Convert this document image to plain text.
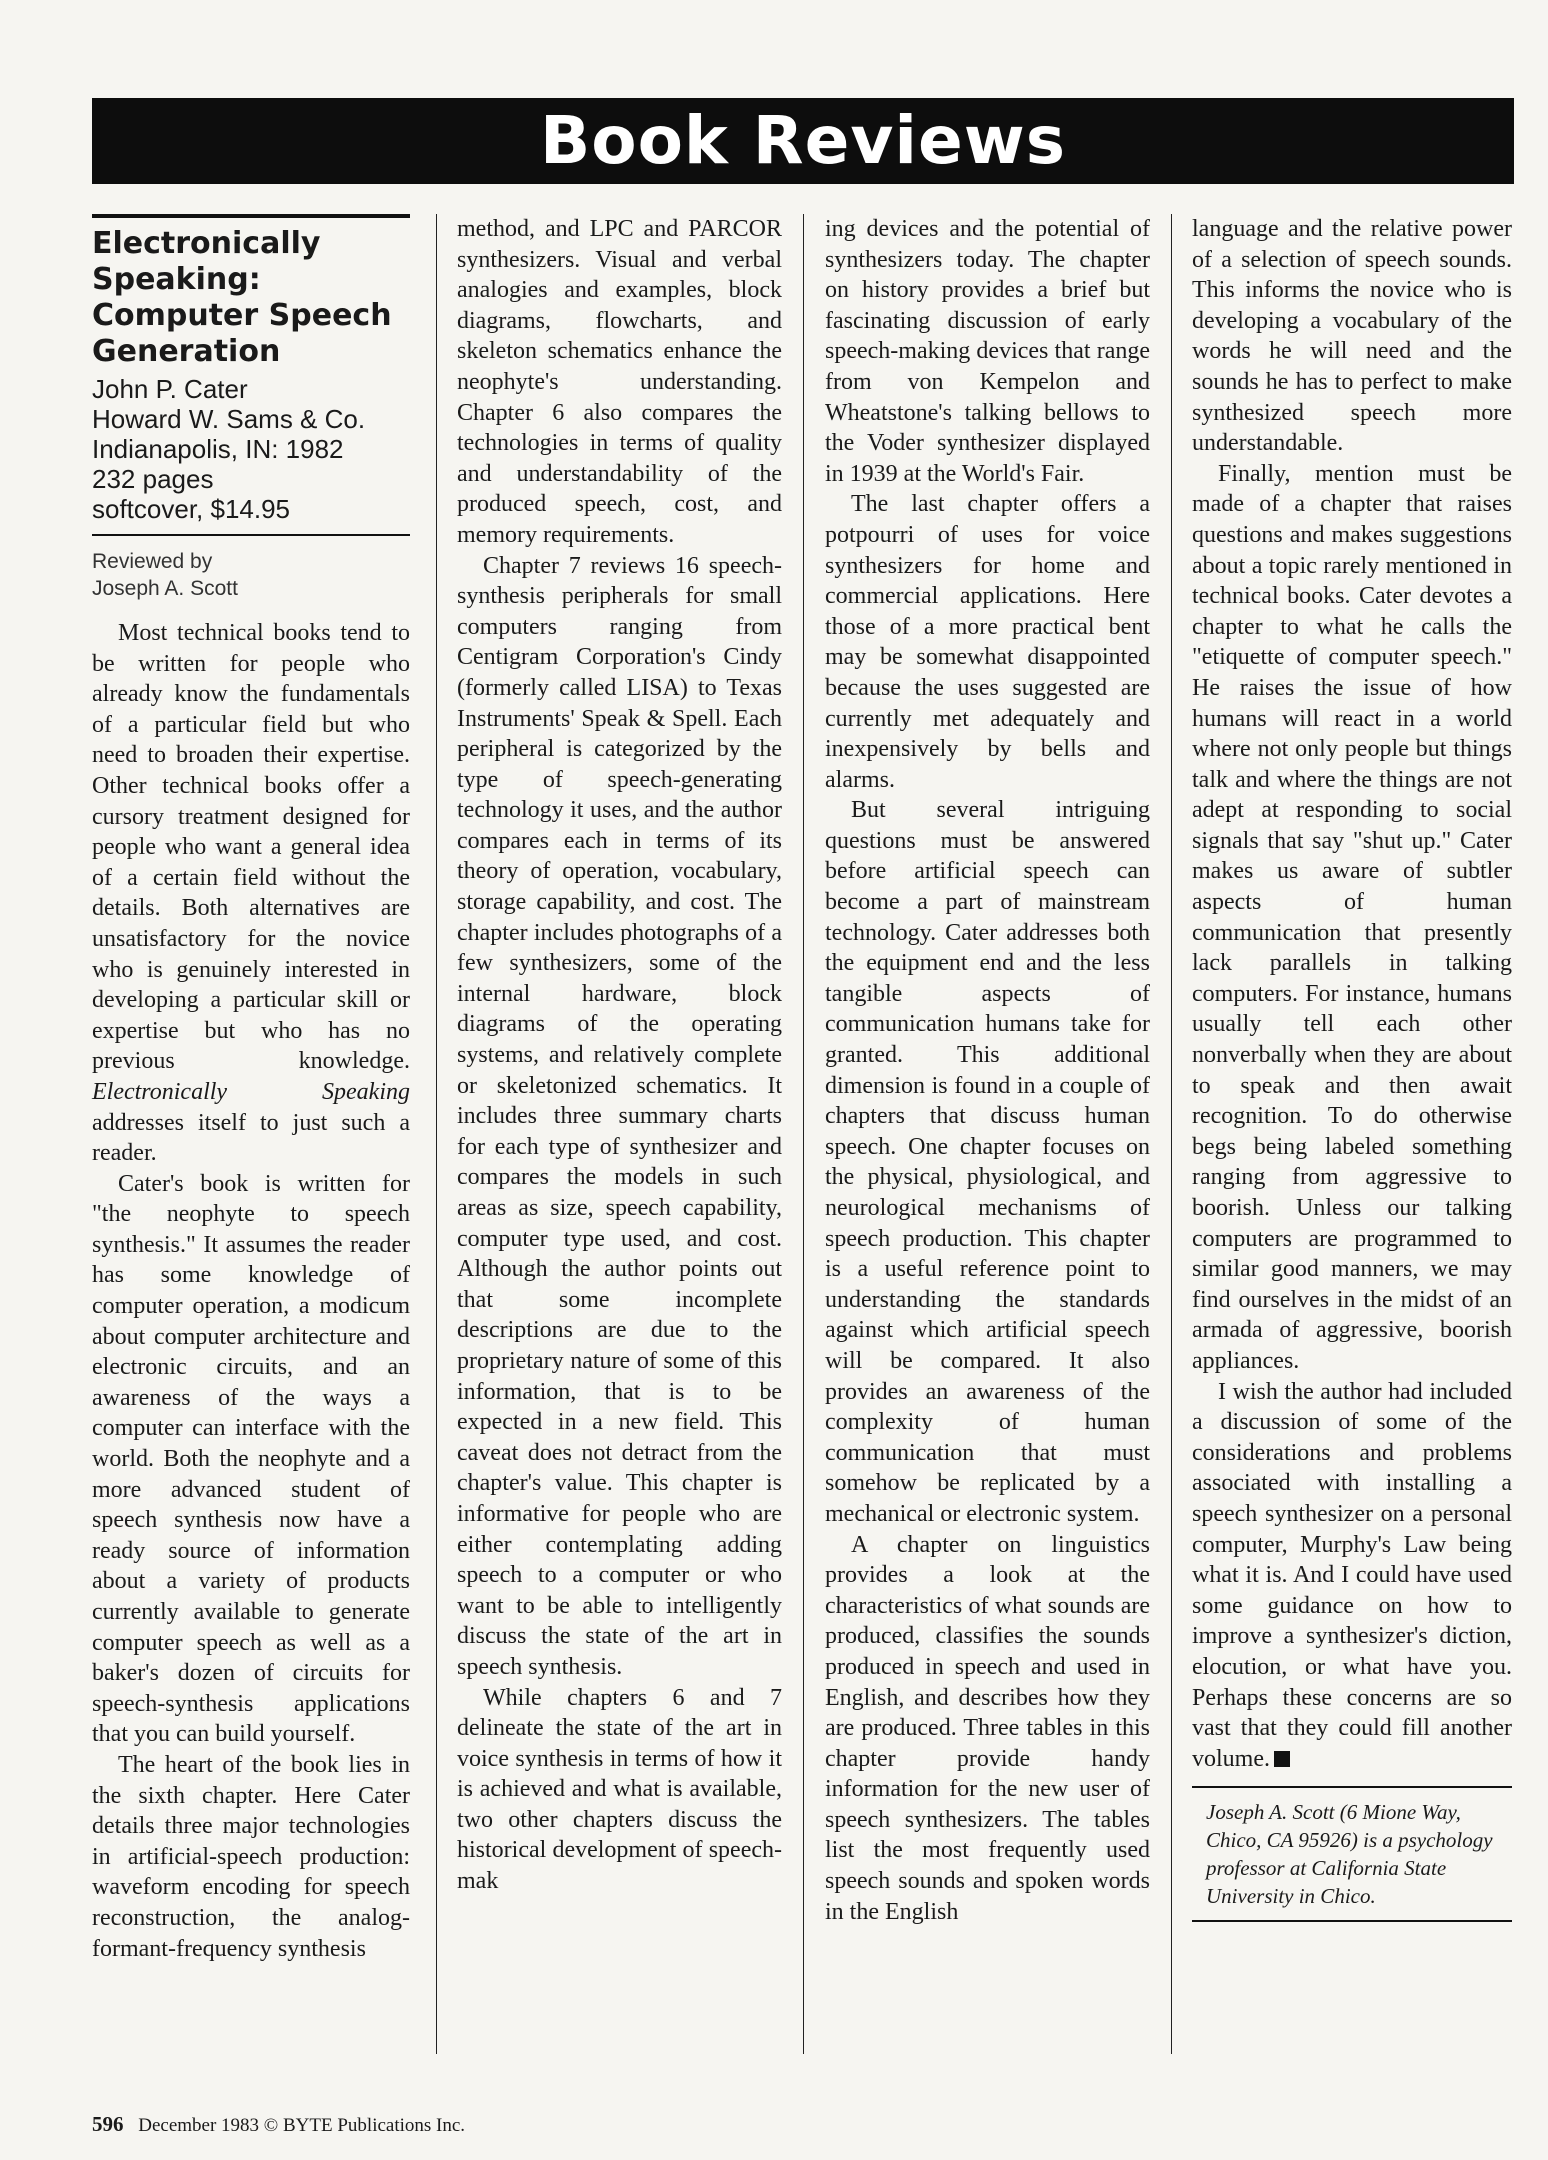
Book Reviews
Electronically Speaking: Computer Speech Generation
John P. Cater
Howard W. Sams & Co.
Indianapolis, IN: 1982
232 pages
softcover, $14.95
Reviewed by
Joseph A. Scott

Most technical books tend to be written for people who already know the fundamentals of a particular field but who need to broaden their expertise. Other technical books offer a cursory treatment designed for people who want a general idea of a certain field without the details. Both alternatives are unsatisfactory for the novice who is genuinely interested in developing a particular skill or expertise but who has no previous knowledge. Electronically Speaking addresses itself to just such a reader.

Cater's book is written for "the neophyte to speech synthesis." It assumes the reader has some knowledge of computer operation, a modicum about computer architecture and electronic circuits, and an awareness of the ways a computer can interface with the world. Both the neophyte and a more advanced student of speech synthesis now have a ready source of information about a variety of products currently available to generate computer speech as well as a baker's dozen of circuits for speech-synthesis applications that you can build yourself.

The heart of the book lies in the sixth chapter. Here Cater details three major technologies in artificial-speech production: waveform encoding for speech reconstruction, the analog-formant-frequency synthesis

method, and LPC and PARCOR synthesizers. Visual and verbal analogies and examples, block diagrams, flowcharts, and skeleton schematics enhance the neophyte's understanding. Chapter 6 also compares the technologies in terms of quality and understandability of the produced speech, cost, and memory requirements.

Chapter 7 reviews 16 speech-synthesis peripherals for small computers ranging from Centigram Corporation's Cindy (formerly called LISA) to Texas Instruments' Speak & Spell. Each peripheral is categorized by the type of speech-generating technology it uses, and the author compares each in terms of its theory of operation, vocabulary, storage capability, and cost. The chapter includes photographs of a few synthesizers, some of the internal hardware, block diagrams of the operating systems, and relatively complete or skeletonized schematics. It includes three summary charts for each type of synthesizer and compares the models in such areas as size, speech capability, computer type used, and cost. Although the author points out that some incomplete descriptions are due to the proprietary nature of some of this information, that is to be expected in a new field. This caveat does not detract from the chapter's value. This chapter is informative for people who are either contemplating adding speech to a computer or who want to be able to intelligently discuss the state of the art in speech synthesis.

While chapters 6 and 7 delineate the state of the art in voice synthesis in terms of how it is achieved and what is available, two other chapters discuss the historical development of speech-mak

ing devices and the potential of synthesizers today. The chapter on history provides a brief but fascinating discussion of early speech-making devices that range from von Kempelon and Wheatstone's talking bellows to the Voder synthesizer displayed in 1939 at the World's Fair.

The last chapter offers a potpourri of uses for voice synthesizers for home and commercial applications. Here those of a more practical bent may be somewhat disappointed because the uses suggested are currently met adequately and inexpensively by bells and alarms.

But several intriguing questions must be answered before artificial speech can become a part of mainstream technology. Cater addresses both the equipment end and the less tangible aspects of communication humans take for granted. This additional dimension is found in a couple of chapters that discuss human speech. One chapter focuses on the physical, physiological, and neurological mechanisms of speech production. This chapter is a useful reference point to understanding the standards against which artificial speech will be compared. It also provides an awareness of the complexity of human communication that must somehow be replicated by a mechanical or electronic system.

A chapter on linguistics provides a look at the characteristics of what sounds are produced, classifies the sounds produced in speech and used in English, and describes how they are produced. Three tables in this chapter provide handy information for the new user of speech synthesizers. The tables list the most frequently used speech sounds and spoken words in the English

language and the relative power of a selection of speech sounds. This informs the novice who is developing a vocabulary of the words he will need and the sounds he has to perfect to make synthesized speech more understandable.

Finally, mention must be made of a chapter that raises questions and makes suggestions about a topic rarely mentioned in technical books. Cater devotes a chapter to what he calls the "etiquette of computer speech." He raises the issue of how humans will react in a world where not only people but things talk and where the things are not adept at responding to social signals that say "shut up." Cater makes us aware of subtler aspects of human communication that presently lack parallels in talking computers. For instance, humans usually tell each other nonverbally when they are about to speak and then await recognition. To do otherwise begs being labeled something ranging from aggressive to boorish. Unless our talking computers are programmed to similar good manners, we may find ourselves in the midst of an armada of aggressive, boorish appliances.

I wish the author had included a discussion of some of the considerations and problems associated with installing a speech synthesizer on a personal computer, Murphy's Law being what it is. And I could have used some guidance on how to improve a synthesizer's diction, elocution, or what have you. Perhaps these concerns are so vast that they could fill another volume.

Joseph A. Scott (6 Mione Way, Chico, CA 95926) is a psychology professor at California State University in Chico.
596 December 1983 © BYTE Publications Inc.
